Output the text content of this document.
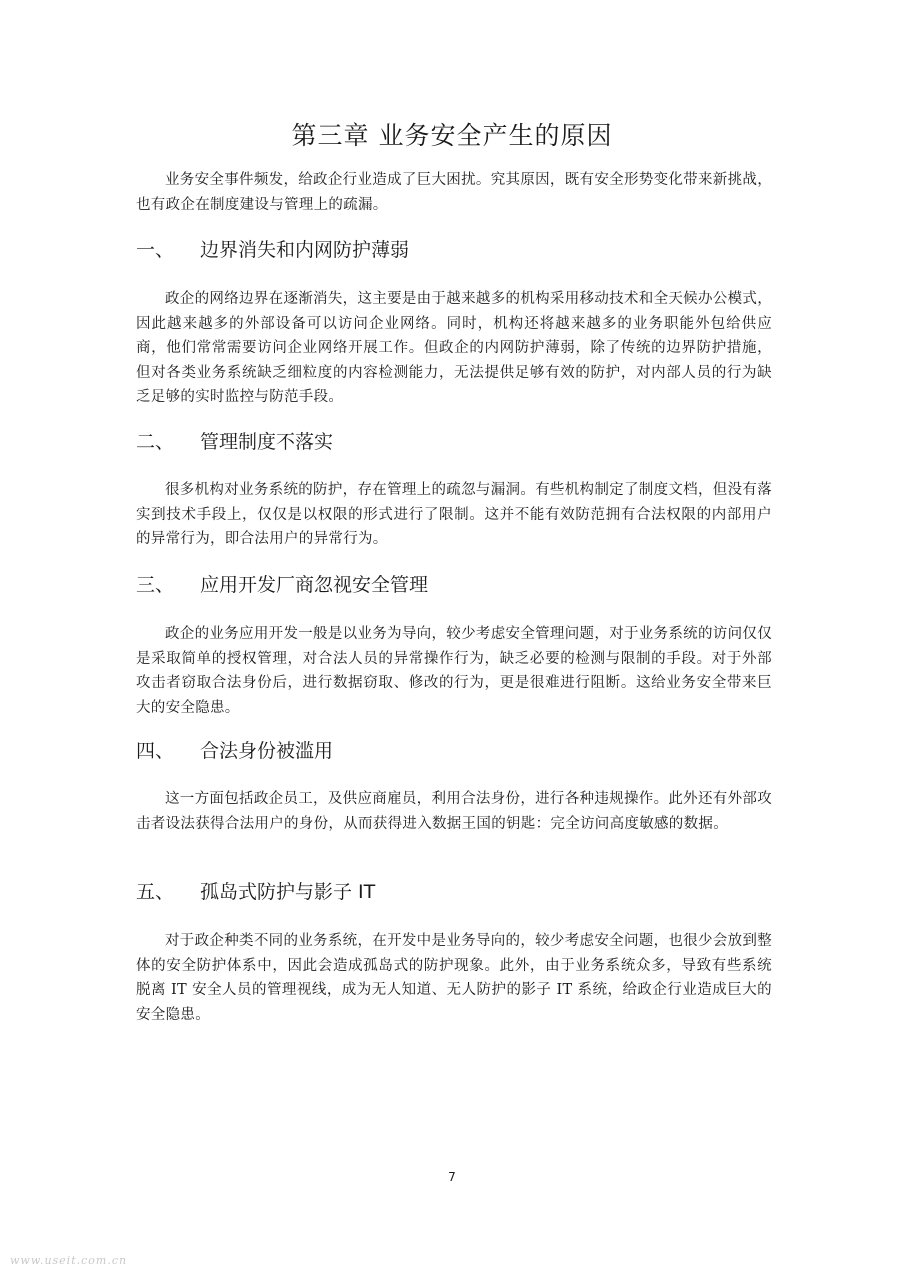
第三章 业务安全产生的原因

业务安全事件频发，给政企行业造成了巨大困扰。究其原因，既有安全形势变化带来新挑战，也有政企在制度建设与管理上的疏漏。

一、 边界消失和内网防护薄弱

政企的网络边界在逐渐消失，这主要是由于越来越多的机构采用移动技术和全天候办公模式，因此越来越多的外部设备可以访问企业网络。同时，机构还将越来越多的业务职能外包给供应商，他们常常需要访问企业网络开展工作。但政企的内网防护薄弱，除了传统的边界防护措施，但对各类业务系统缺乏细粒度的内容检测能力，无法提供足够有效的防护，对内部人员的行为缺乏足够的实时监控与防范手段。

二、 管理制度不落实

很多机构对业务系统的防护，存在管理上的疏忽与漏洞。有些机构制定了制度文档，但没有落实到技术手段上，仅仅是以权限的形式进行了限制。这并不能有效防范拥有合法权限的内部用户的异常行为，即合法用户的异常行为。

三、 应用开发厂商忽视安全管理

政企的业务应用开发一般是以业务为导向，较少考虑安全管理问题，对于业务系统的访问仅仅是采取简单的授权管理，对合法人员的异常操作行为，缺乏必要的检测与限制的手段。对于外部攻击者窃取合法身份后，进行数据窃取、修改的行为，更是很难进行阻断。这给业务安全带来巨大的安全隐患。

四、 合法身份被滥用

这一方面包括政企员工，及供应商雇员，利用合法身份，进行各种违规操作。此外还有外部攻击者设法获得合法用户的身份，从而获得进入数据王国的钥匙：完全访问高度敏感的数据。

五、 孤岛式防护与影子 IT

对于政企种类不同的业务系统，在开发中是业务导向的，较少考虑安全问题，也很少会放到整体的安全防护体系中，因此会造成孤岛式的防护现象。此外，由于业务系统众多，导致有些系统脱离 IT 安全人员的管理视线，成为无人知道、无人防护的影子 IT 系统，给政企行业造成巨大的安全隐患。

7
www.useit.com.cn
